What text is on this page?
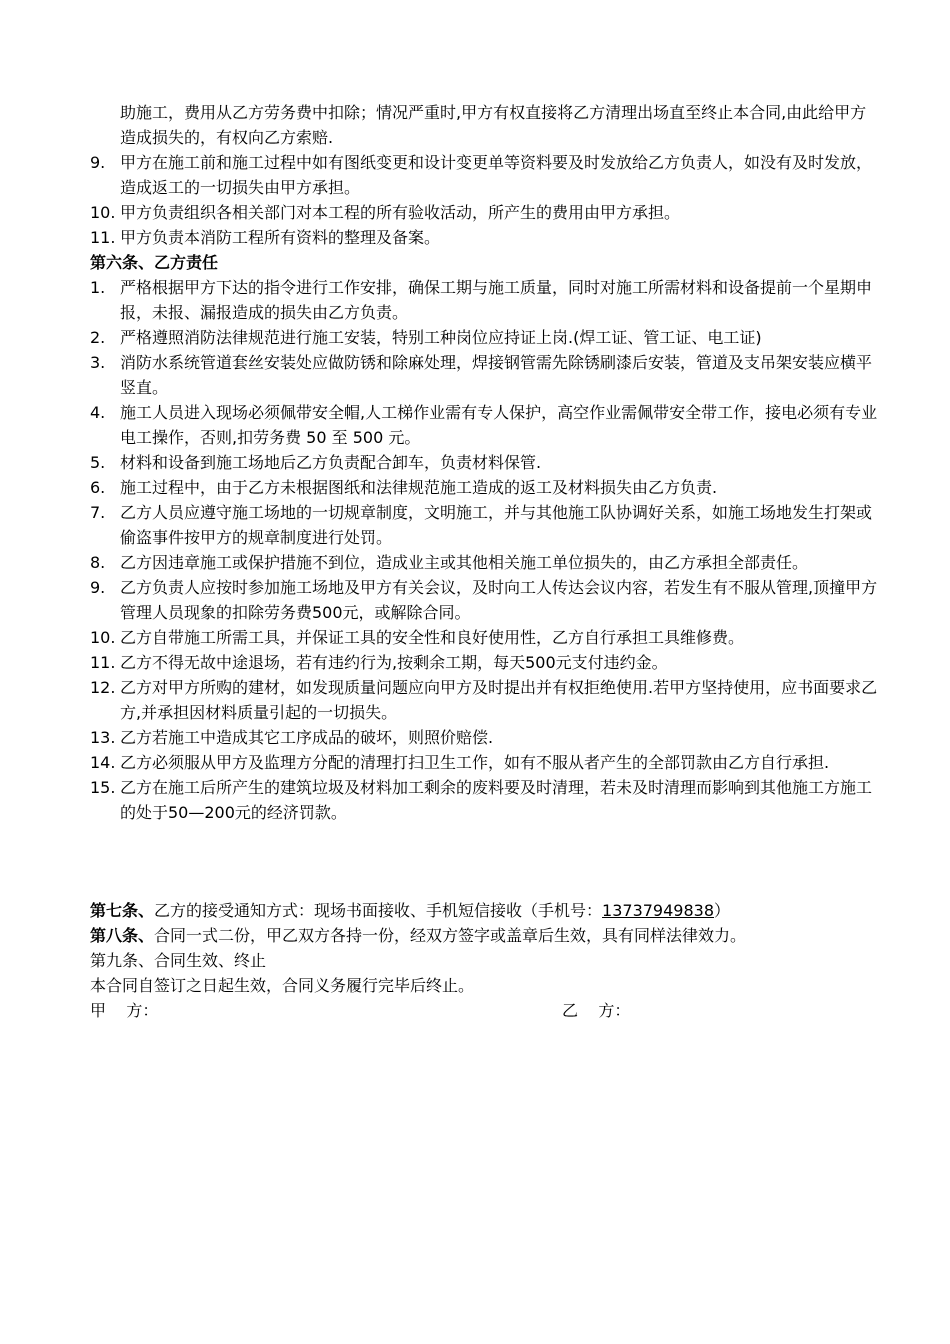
助施工，费用从乙方劳务费中扣除；情况严重时,甲方有权直接将乙方清理出场直至终止本合同,由此给甲方造成损失的，有权向乙方索赔.
9. 甲方在施工前和施工过程中如有图纸变更和设计变更单等资料要及时发放给乙方负责人，如没有及时发放，造成返工的一切损失由甲方承担。
10. 甲方负责组织各相关部门对本工程的所有验收活动，所产生的费用由甲方承担。
11. 甲方负责本消防工程所有资料的整理及备案。
第六条、乙方责任
1. 严格根据甲方下达的指令进行工作安排，确保工期与施工质量，同时对施工所需材料和设备提前一个星期申报，未报、漏报造成的损失由乙方负责。
2. 严格遵照消防法律规范进行施工安装，特别工种岗位应持证上岗.(焊工证、管工证、电工证)
3. 消防水系统管道套丝安装处应做防锈和除麻处理，焊接钢管需先除锈刷漆后安装，管道及支吊架安装应横平竖直。
4. 施工人员进入现场必须佩带安全帽,人工梯作业需有专人保护，高空作业需佩带安全带工作，接电必须有专业电工操作，否则,扣劳务费 50 至 500 元。
5. 材料和设备到施工场地后乙方负责配合卸车，负责材料保管.
6. 施工过程中，由于乙方未根据图纸和法律规范施工造成的返工及材料损失由乙方负责.
7. 乙方人员应遵守施工场地的一切规章制度，文明施工，并与其他施工队协调好关系，如施工场地发生打架或偷盗事件按甲方的规章制度进行处罚。
8. 乙方因违章施工或保护措施不到位，造成业主或其他相关施工单位损失的，由乙方承担全部责任。
9. 乙方负责人应按时参加施工场地及甲方有关会议，及时向工人传达会议内容，若发生有不服从管理,顶撞甲方管理人员现象的扣除劳务费500元，或解除合同。
10. 乙方自带施工所需工具，并保证工具的安全性和良好使用性，乙方自行承担工具维修费。
11. 乙方不得无故中途退场，若有违约行为,按剩余工期，每天500元支付违约金。
12. 乙方对甲方所购的建材，如发现质量问题应向甲方及时提出并有权拒绝使用.若甲方坚持使用，应书面要求乙方,并承担因材料质量引起的一切损失。
13. 乙方若施工中造成其它工序成品的破坏，则照价赔偿.
14. 乙方必须服从甲方及监理方分配的清理打扫卫生工作，如有不服从者产生的全部罚款由乙方自行承担.
15. 乙方在施工后所产生的建筑垃圾及材料加工剩余的废料要及时清理，若未及时清理而影响到其他施工方施工的处于50—200元的经济罚款。
第七条、乙方的接受通知方式：现场书面接收、手机短信接收（手机号：13737949838）
第八条、合同一式二份，甲乙双方各持一份，经双方签字或盖章后生效，具有同样法律效力。
第九条、合同生效、终止
本合同自签订之日起生效，合同义务履行完毕后终止。
甲    方：	乙    方：
